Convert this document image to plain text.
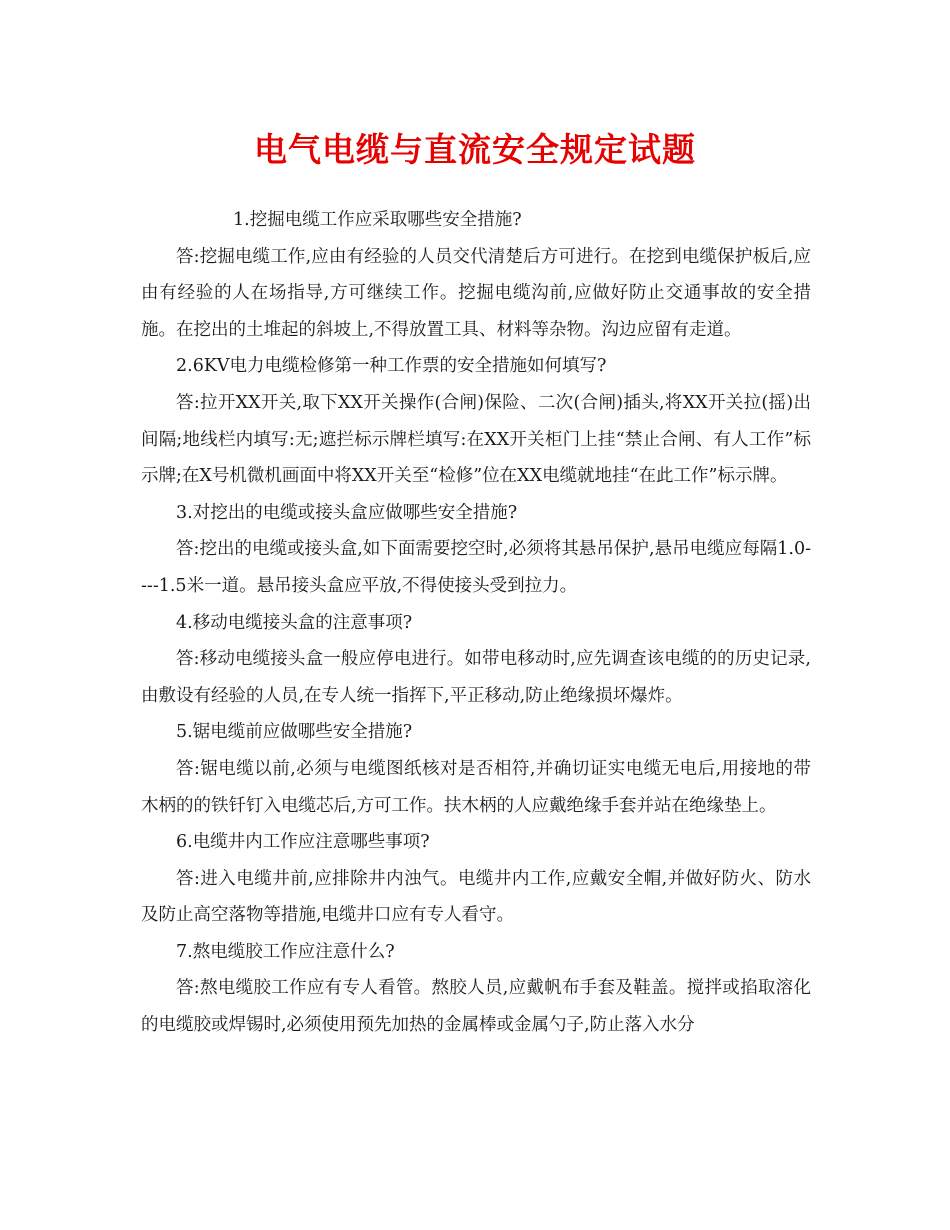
电气电缆与直流安全规定试题

1.挖掘电缆工作应采取哪些安全措施?

答:挖掘电缆工作,应由有经验的人员交代清楚后方可进行。在挖到电缆保护板后,应由有经验的人在场指导,方可继续工作。挖掘电缆沟前,应做好防止交通事故的安全措施。在挖出的土堆起的斜坡上,不得放置工具、材料等杂物。沟边应留有走道。

2.6KV电力电缆检修第一种工作票的安全措施如何填写?

答:拉开XX开关,取下XX开关操作(合闸)保险、二次(合闸)插头,将XX开关拉(摇)出间隔;地线栏内填写:无;遮拦标示牌栏填写:在XX开关柜门上挂“禁止合闸、有人工作”标示牌;在X号机微机画面中将XX开关至“检修”位在XX电缆就地挂“在此工作”标示牌。

3.对挖出的电缆或接头盒应做哪些安全措施?

答:挖出的电缆或接头盒,如下面需要挖空时,必须将其悬吊保护,悬吊电缆应每隔1.0----1.5米一道。悬吊接头盒应平放,不得使接头受到拉力。

4.移动电缆接头盒的注意事项?

答:移动电缆接头盒一般应停电进行。如带电移动时,应先调查该电缆的的历史记录,由敷设有经验的人员,在专人统一指挥下,平正移动,防止绝缘损坏爆炸。

5.锯电缆前应做哪些安全措施?

答:锯电缆以前,必须与电缆图纸核对是否相符,并确切证实电缆无电后,用接地的带木柄的的铁钎钉入电缆芯后,方可工作。扶木柄的人应戴绝缘手套并站在绝缘垫上。

6.电缆井内工作应注意哪些事项?

答:进入电缆井前,应排除井内浊气。电缆井内工作,应戴安全帽,并做好防火、防水及防止高空落物等措施,电缆井口应有专人看守。

7.熬电缆胶工作应注意什么?

答:熬电缆胶工作应有专人看管。熬胶人员,应戴帆布手套及鞋盖。搅拌或掐取溶化的电缆胶或焊锡时,必须使用预先加热的金属棒或金属勺子,防止落入水分
